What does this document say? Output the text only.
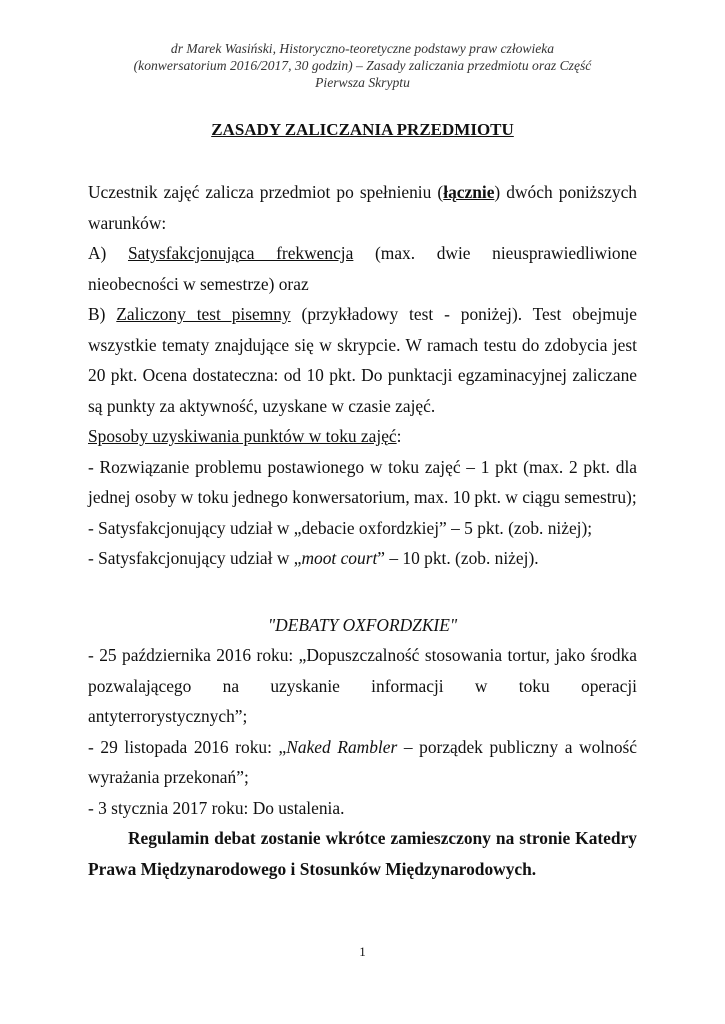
dr Marek Wasiński, Historyczno-teoretyczne podstawy praw człowieka
(konwersatorium 2016/2017, 30 godzin) – Zasady zaliczania przedmiotu oraz Część
Pierwsza Skryptu
ZASADY ZALICZANIA PRZEDMIOTU

Uczestnik zajęć zalicza przedmiot po spełnieniu (łącznie) dwóch poniższych warunków:

A) Satysfakcjonująca frekwencja (max. dwie nieusprawiedliwione nieobecności w semestrze) oraz

B) Zaliczony test pisemny (przykładowy test - poniżej). Test obejmuje wszystkie tematy znajdujące się w skrypcie. W ramach testu do zdobycia jest 20 pkt. Ocena dostateczna: od 10 pkt. Do punktacji egzaminacyjnej zaliczane są punkty za aktywność, uzyskane w czasie zajęć.

Sposoby uzyskiwania punktów w toku zajęć:

- Rozwiązanie problemu postawionego w toku zajęć – 1 pkt (max. 2 pkt. dla jednej osoby w toku jednego konwersatorium, max. 10 pkt. w ciągu semestru);

- Satysfakcjonujący udział w „debacie oxfordzkiej” – 5 pkt. (zob. niżej);

- Satysfakcjonujący udział w „moot court” – 10 pkt. (zob. niżej).

"DEBATY OXFORDZKIE"

- 25 października 2016 roku: „Dopuszczalność stosowania tortur, jako środka pozwalającego na uzyskanie informacji w toku operacji antyterrorystycznych”;

- 29 listopada 2016 roku: „Naked Rambler – porządek publiczny a wolność wyrażania przekonań”;

- 3 stycznia 2017 roku: Do ustalenia.

Regulamin debat zostanie wkrótce zamieszczony na stronie Katedry Prawa Międzynarodowego i Stosunków Międzynarodowych.

1
